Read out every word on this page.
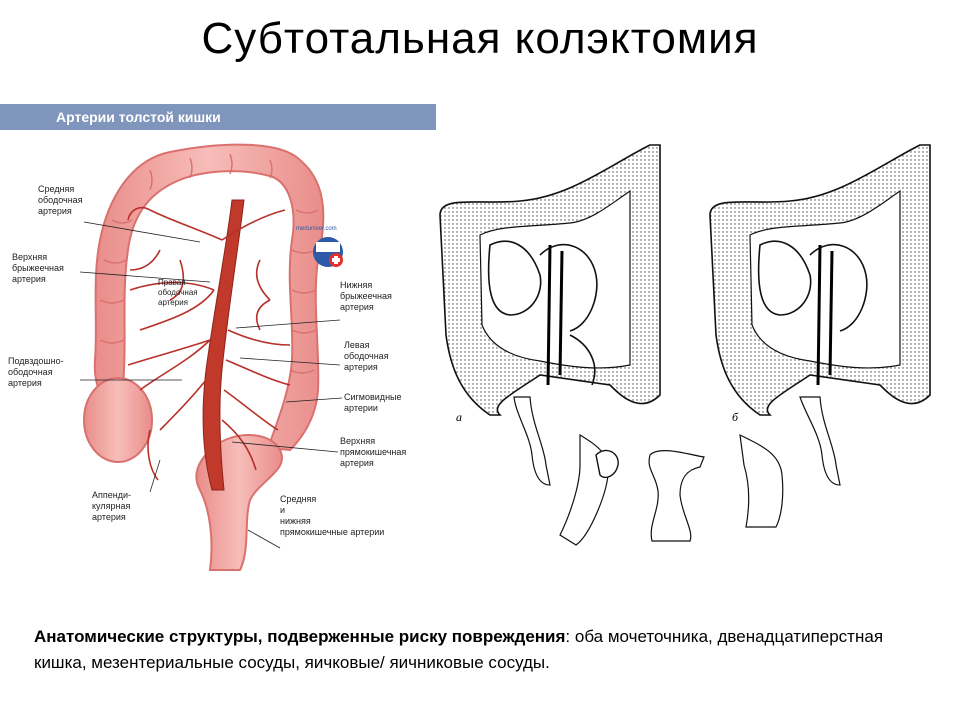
Субтотальная колэктомия
Артерии толстой кишки
meduniver.com
Средняя
ободочная
артерия
Верхняя
брыжеечная
артерия	Правая
ободочная
артерия
Подвздошно-
ободочная
артерия
Аппенди-
кулярная
артерия
Нижняя
брыжеечная
артерия
Левая
ободочная
артерия
Сигмовидные
артерии
Верхняя
прямокишечная
артерия
Средняя
и
нижняя
прямокишечные артерии
а	б
Анатомические структуры, подверженные риску повреждения: оба мочеточника, двенадцатиперстная кишка, мезентериальные сосуды, яичковые/ яичниковые сосуды.
